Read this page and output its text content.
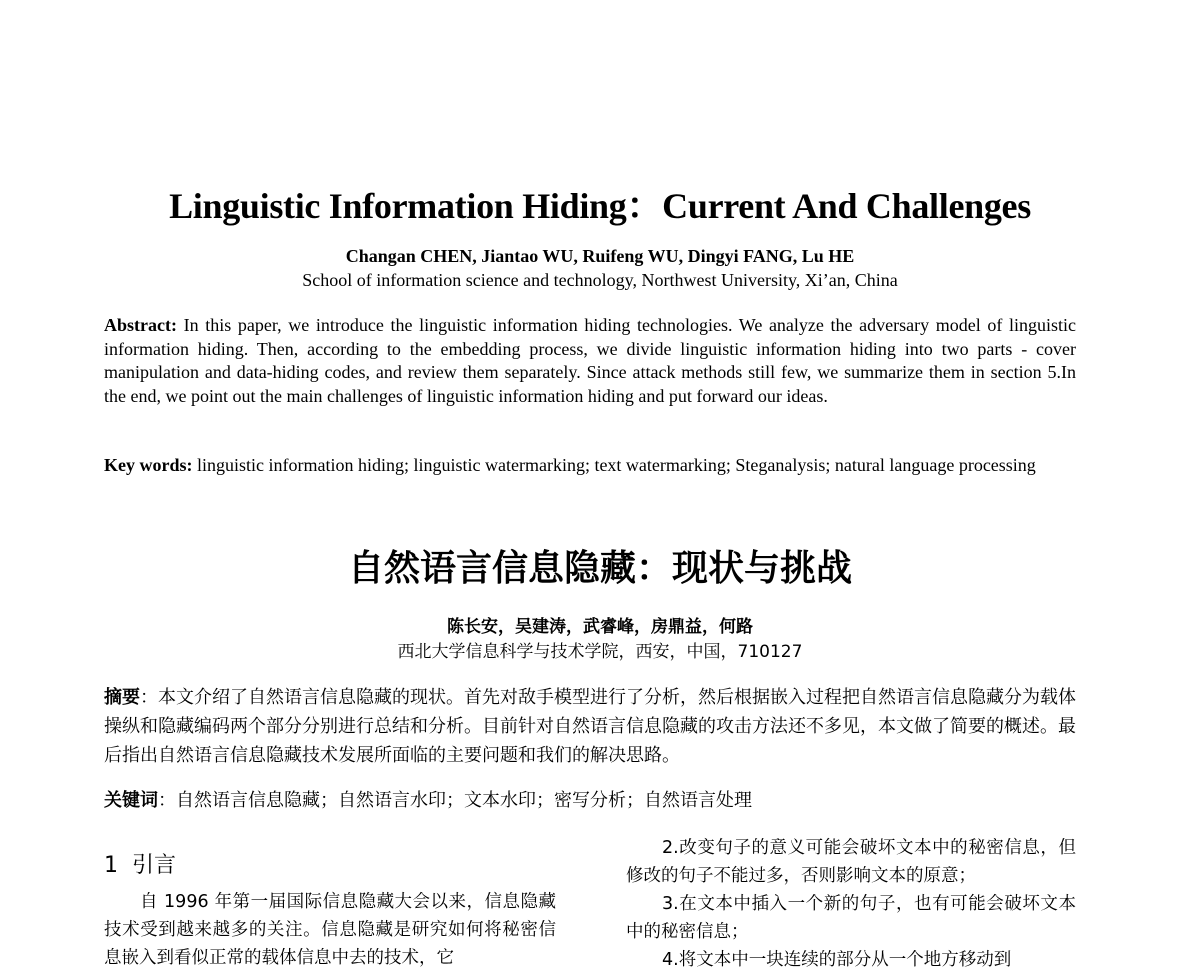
Linguistic Information Hiding：Current And Challenges
Changan CHEN, Jiantao WU, Ruifeng WU, Dingyi FANG, Lu HE
School of information science and technology, Northwest University, Xi’an, China
Abstract: In this paper, we introduce the linguistic information hiding technologies. We analyze the adversary model of linguistic information hiding. Then, according to the embedding process, we divide linguistic information hiding into two parts - cover manipulation and data-hiding codes, and review them separately. Since attack methods still few, we summarize them in section 5.In the end, we point out the main challenges of linguistic information hiding and put forward our ideas.
Key words: linguistic information hiding; linguistic watermarking; text watermarking; Steganalysis; natural language processing
自然语言信息隐藏：现状与挑战
陈长安，吴建涛，武睿峰，房鼎益，何路
西北大学信息科学与技术学院，西安，中国，710127
摘要：本文介绍了自然语言信息隐藏的现状。首先对敌手模型进行了分析，然后根据嵌入过程把自然语言信息隐藏分为载体操纵和隐藏编码两个部分分别进行总结和分析。目前针对自然语言信息隐藏的攻击方法还不多见，本文做了简要的概述。最后指出自然语言信息隐藏技术发展所面临的主要问题和我们的解决思路。
关键词：自然语言信息隐藏；自然语言水印；文本水印；密写分析；自然语言处理
1 引言

自 1996 年第一届国际信息隐藏大会以来，信息隐藏技术受到越来越多的关注。信息隐藏是研究如何将秘密信息嵌入到看似正常的载体信息中去的技术，它

2.改变句子的意义可能会破坏文本中的秘密信息，但修改的句子不能过多，否则影响文本的原意；

3.在文本中插入一个新的句子，也有可能会破坏文本中的秘密信息；

4.将文本中一块连续的部分从一个地方移动到
